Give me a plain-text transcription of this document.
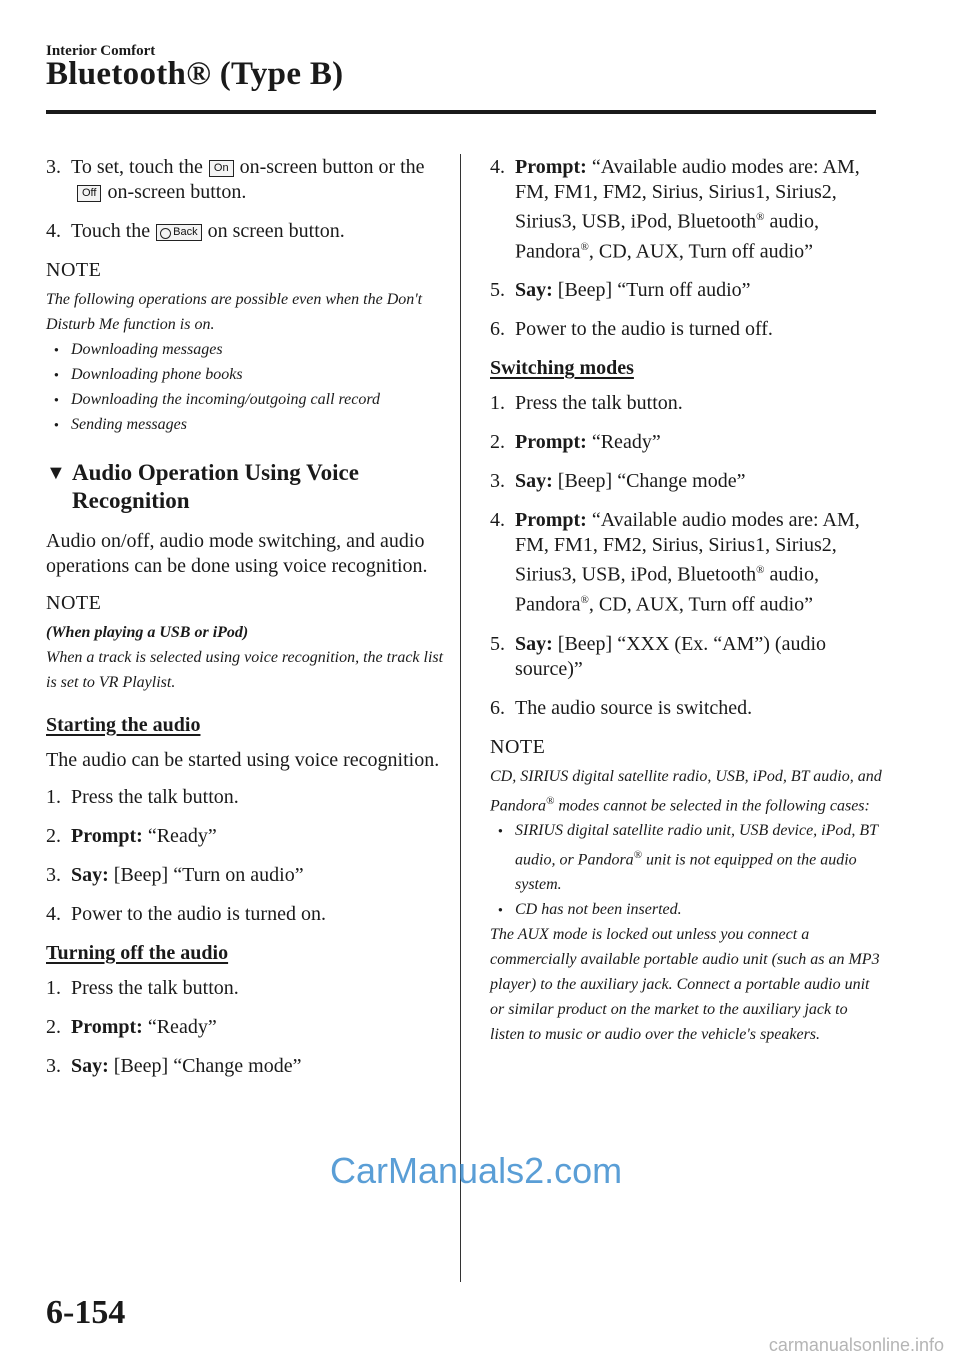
Interior Comfort
Bluetooth® (Type B)
3. To set, touch the On on-screen button or theOff on-screen button.
4. Touch the Back on screen button.
NOTE
The following operations are possible even when the Don't Disturb Me function is on.
● Downloading messages
● Downloading phone books
● Downloading the incoming/outgoing call record
● Sending messages
▼ Audio Operation Using Voice Recognition
Audio on/off, audio mode switching, and audio operations can be done using voice recognition.
NOTE
(When playing a USB or iPod)
When a track is selected using voice recognition, the track list is set to VR Playlist.
Starting the audio
The audio can be started using voice recognition.
1. Press the talk button.
2. Prompt: “Ready”
3. Say: [Beep] “Turn on audio”
4. Power to the audio is turned on.
Turning off the audio
1. Press the talk button.
2. Prompt: “Ready”
3. Say: [Beep] “Change mode”
4. Prompt: “Available audio modes are: AM, FM, FM1, FM2, Sirius, Sirius1, Sirius2, Sirius3, USB, iPod, Bluetooth® audio, Pandora®, CD, AUX, Turn off audio”
5. Say: [Beep] “Turn off audio”
6. Power to the audio is turned off.
Switching modes
1. Press the talk button.
2. Prompt: “Ready”
3. Say: [Beep] “Change mode”
4. Prompt: “Available audio modes are: AM, FM, FM1, FM2, Sirius, Sirius1, Sirius2, Sirius3, USB, iPod, Bluetooth® audio, Pandora®, CD, AUX, Turn off audio”
5. Say: [Beep] “XXX (Ex. “AM”) (audio source)”
6. The audio source is switched.
NOTE
CD, SIRIUS digital satellite radio, USB, iPod, BT audio, and Pandora® modes cannot be selected in the following cases:
● SIRIUS digital satellite radio unit, USB device, iPod, BT audio, or Pandora® unit is not equipped on the audio system.
● CD has not been inserted.
The AUX mode is locked out unless you connect a commercially available portable audio unit (such as an MP3 player) to the auxiliary jack. Connect a portable audio unit or similar product on the market to the auxiliary jack to listen to music or audio over the vehicle's speakers.
CarManuals2.com
6-154
carmanualsonline.info
